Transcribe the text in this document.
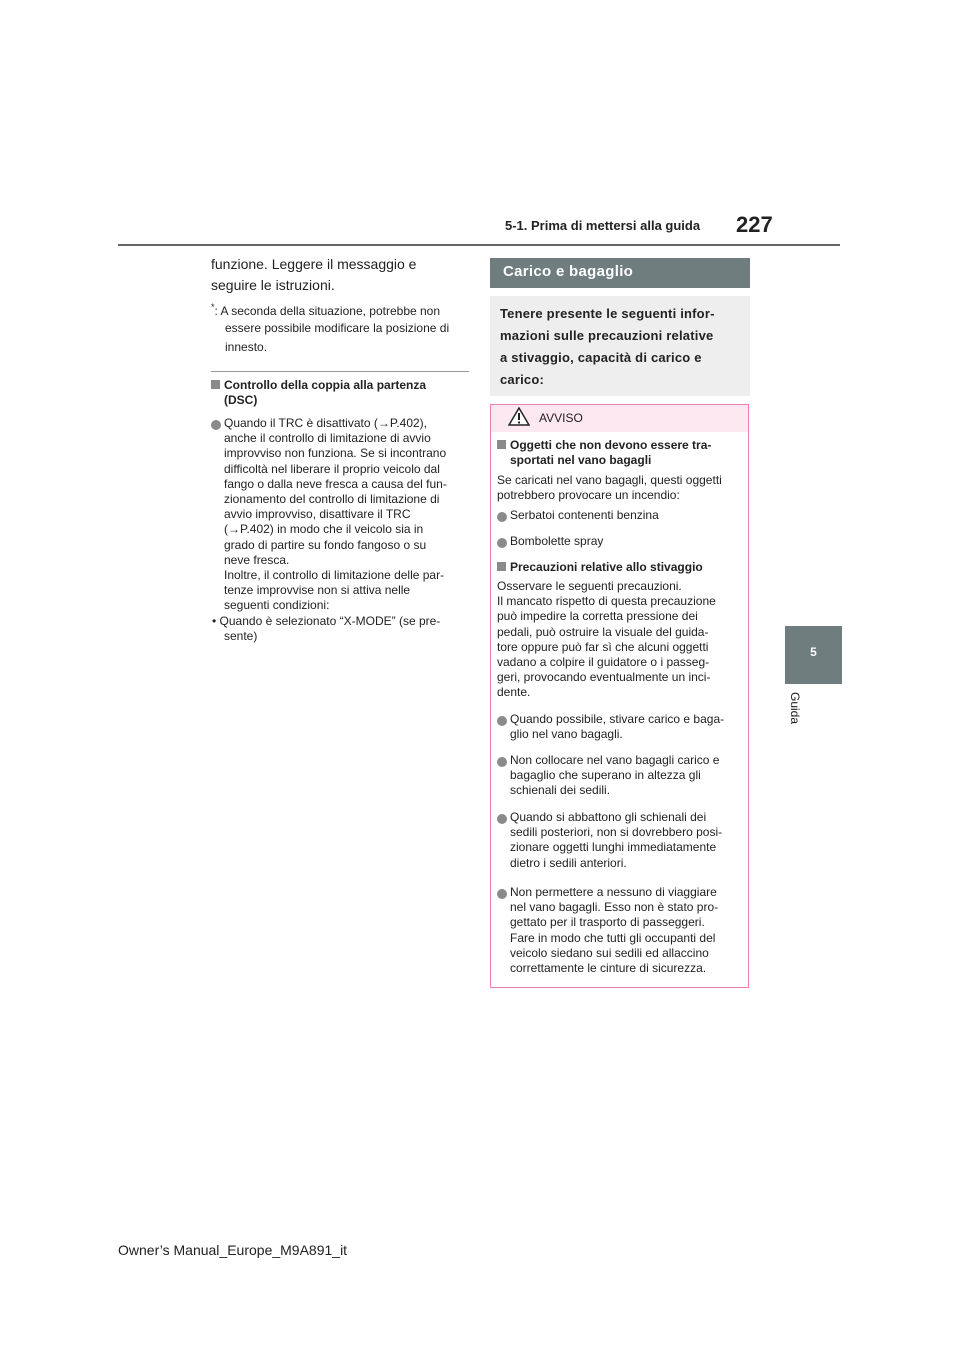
5-1. Prima di mettersi alla guida 227
5
Guida
funzione. Leggere il messaggio e
seguire le istruzioni.
*: A seconda della situazione, potrebbe non
essere possibile modificare la posizione di
innesto.
Controllo della coppia alla partenza
(DSC)
Quando il TRC è disattivato (→P.402),
anche il controllo di limitazione di avvio
improvviso non funziona. Se si incontrano
difficoltà nel liberare il proprio veicolo dal
fango o dalla neve fresca a causa del fun-
zionamento del controllo di limitazione di
avvio improvviso, disattivare il TRC
(→P.402) in modo che il veicolo sia in
grado di partire su fondo fangoso o su
neve fresca.
Inoltre, il controllo di limitazione delle par-
tenze improvvise non si attiva nelle
seguenti condizioni:
• Quando è selezionato “X-MODE” (se pre-
sente)
Carico e bagaglio
Tenere presente le seguenti infor-
mazioni sulle precauzioni relative
a stivaggio, capacità di carico e
carico:
AVVISO
Oggetti che non devono essere tra-
sportati nel vano bagagli
Se caricati nel vano bagagli, questi oggetti
potrebbero provocare un incendio:
Serbatoi contenenti benzina
Bombolette spray
Precauzioni relative allo stivaggio
Osservare le seguenti precauzioni.
Il mancato rispetto di questa precauzione
può impedire la corretta pressione dei
pedali, può ostruire la visuale del guida-
tore oppure può far sì che alcuni oggetti
vadano a colpire il guidatore o i passeg-
geri, provocando eventualmente un inci-
dente.
Quando possibile, stivare carico e baga-
glio nel vano bagagli.
Non collocare nel vano bagagli carico e
bagaglio che superano in altezza gli
schienali dei sedili.
Quando si abbattono gli schienali dei
sedili posteriori, non si dovrebbero posi-
zionare oggetti lunghi immediatamente
dietro i sedili anteriori.
Non permettere a nessuno di viaggiare
nel vano bagagli. Esso non è stato pro-
gettato per il trasporto di passeggeri.
Fare in modo che tutti gli occupanti del
veicolo siedano sui sedili ed allaccino
correttamente le cinture di sicurezza.
Owner’s Manual_Europe_M9A891_it
